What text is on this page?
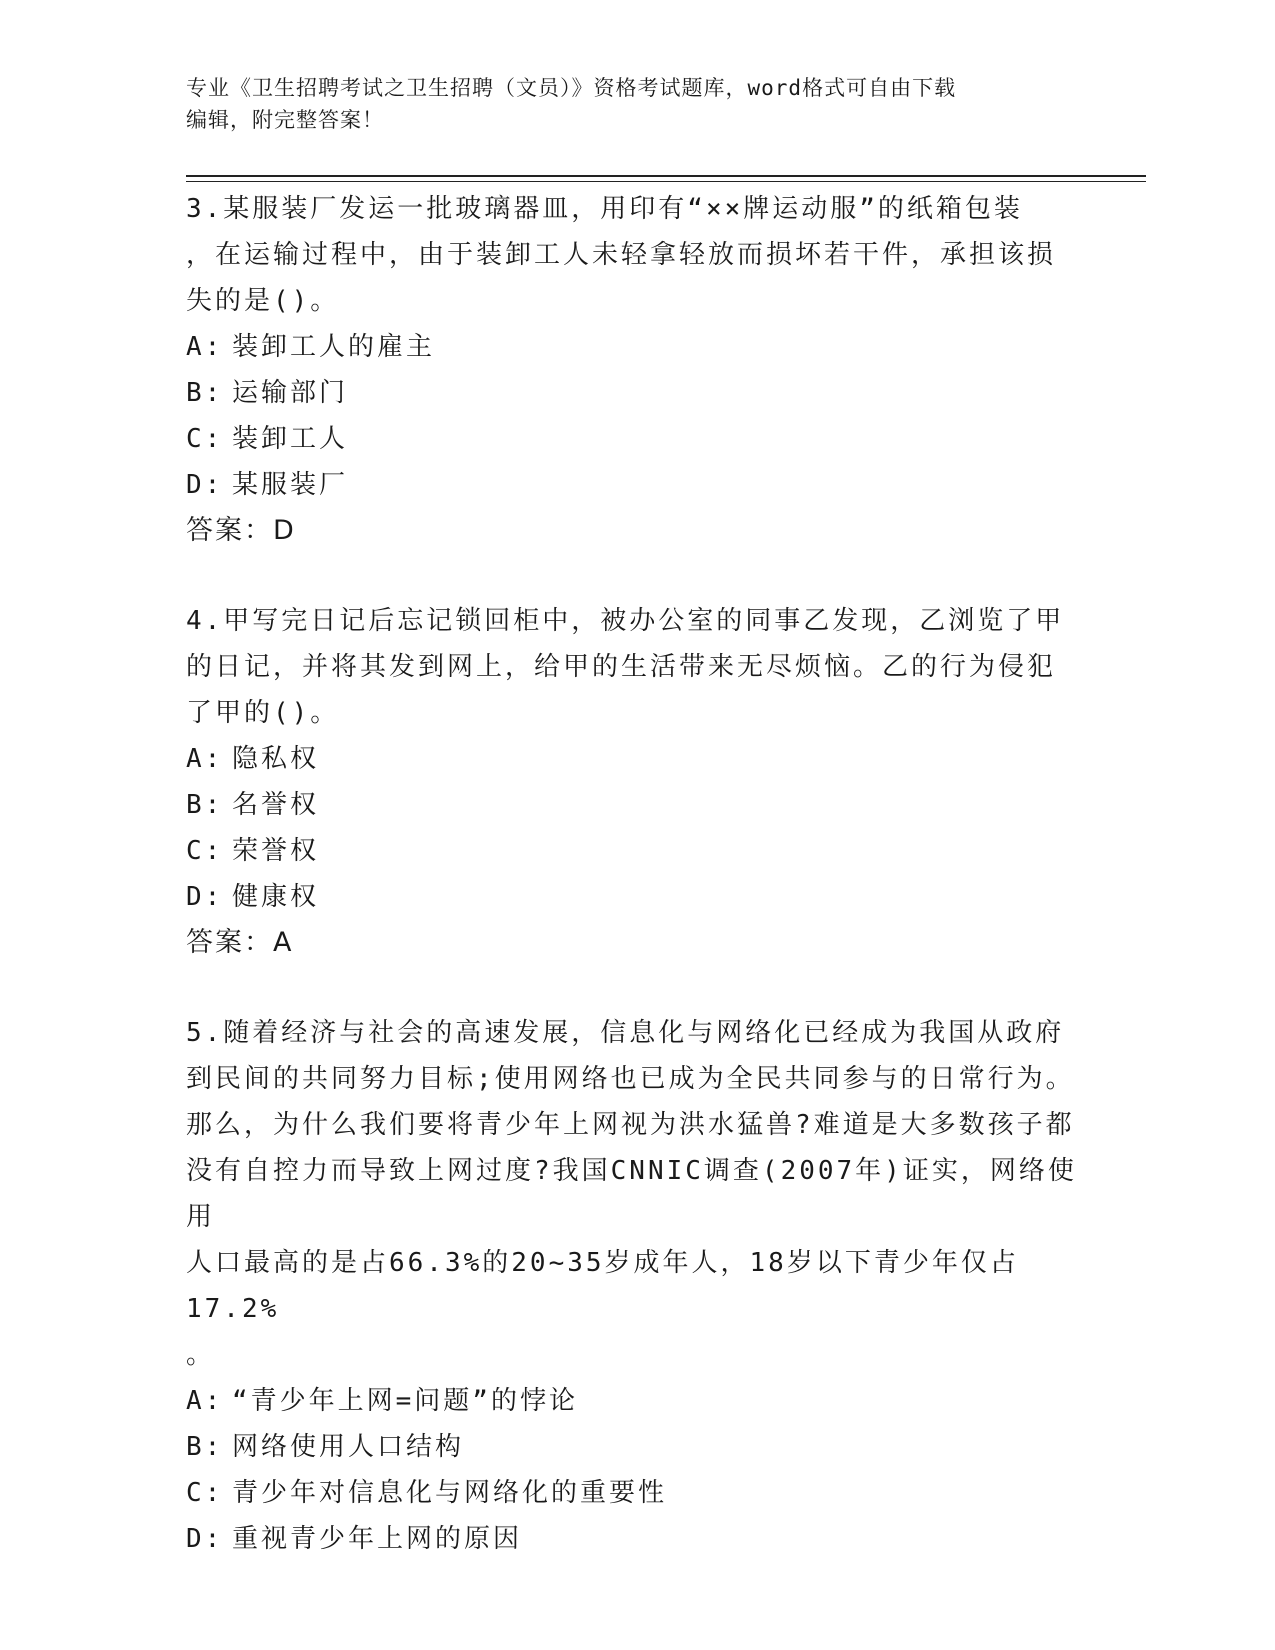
专业《卫生招聘考试之卫生招聘（文员）》资格考试题库，word格式可自由下载
编辑，附完整答案！

3.某服装厂发运一批玻璃器皿，用印有“××牌运动服”的纸箱包装

，在运输过程中，由于装卸工人未轻拿轻放而损坏若干件，承担该损

失的是()。

A: 装卸工人的雇主

B: 运输部门

C: 装卸工人

D: 某服装厂

答案：D

4.甲写完日记后忘记锁回柜中，被办公室的同事乙发现，乙浏览了甲

的日记，并将其发到网上，给甲的生活带来无尽烦恼。乙的行为侵犯

了甲的()。

A: 隐私权

B: 名誉权

C: 荣誉权

D: 健康权

答案：A

5.随着经济与社会的高速发展，信息化与网络化已经成为我国从政府

到民间的共同努力目标;使用网络也已成为全民共同参与的日常行为。

那么，为什么我们要将青少年上网视为洪水猛兽?难道是大多数孩子都

没有自控力而导致上网过度?我国CNNIC调查(2007年)证实，网络使用

人口最高的是占66.3%的20~35岁成年人，18岁以下青少年仅占17.2%

。

A: “青少年上网=问题”的悖论

B: 网络使用人口结构

C: 青少年对信息化与网络化的重要性

D: 重视青少年上网的原因
